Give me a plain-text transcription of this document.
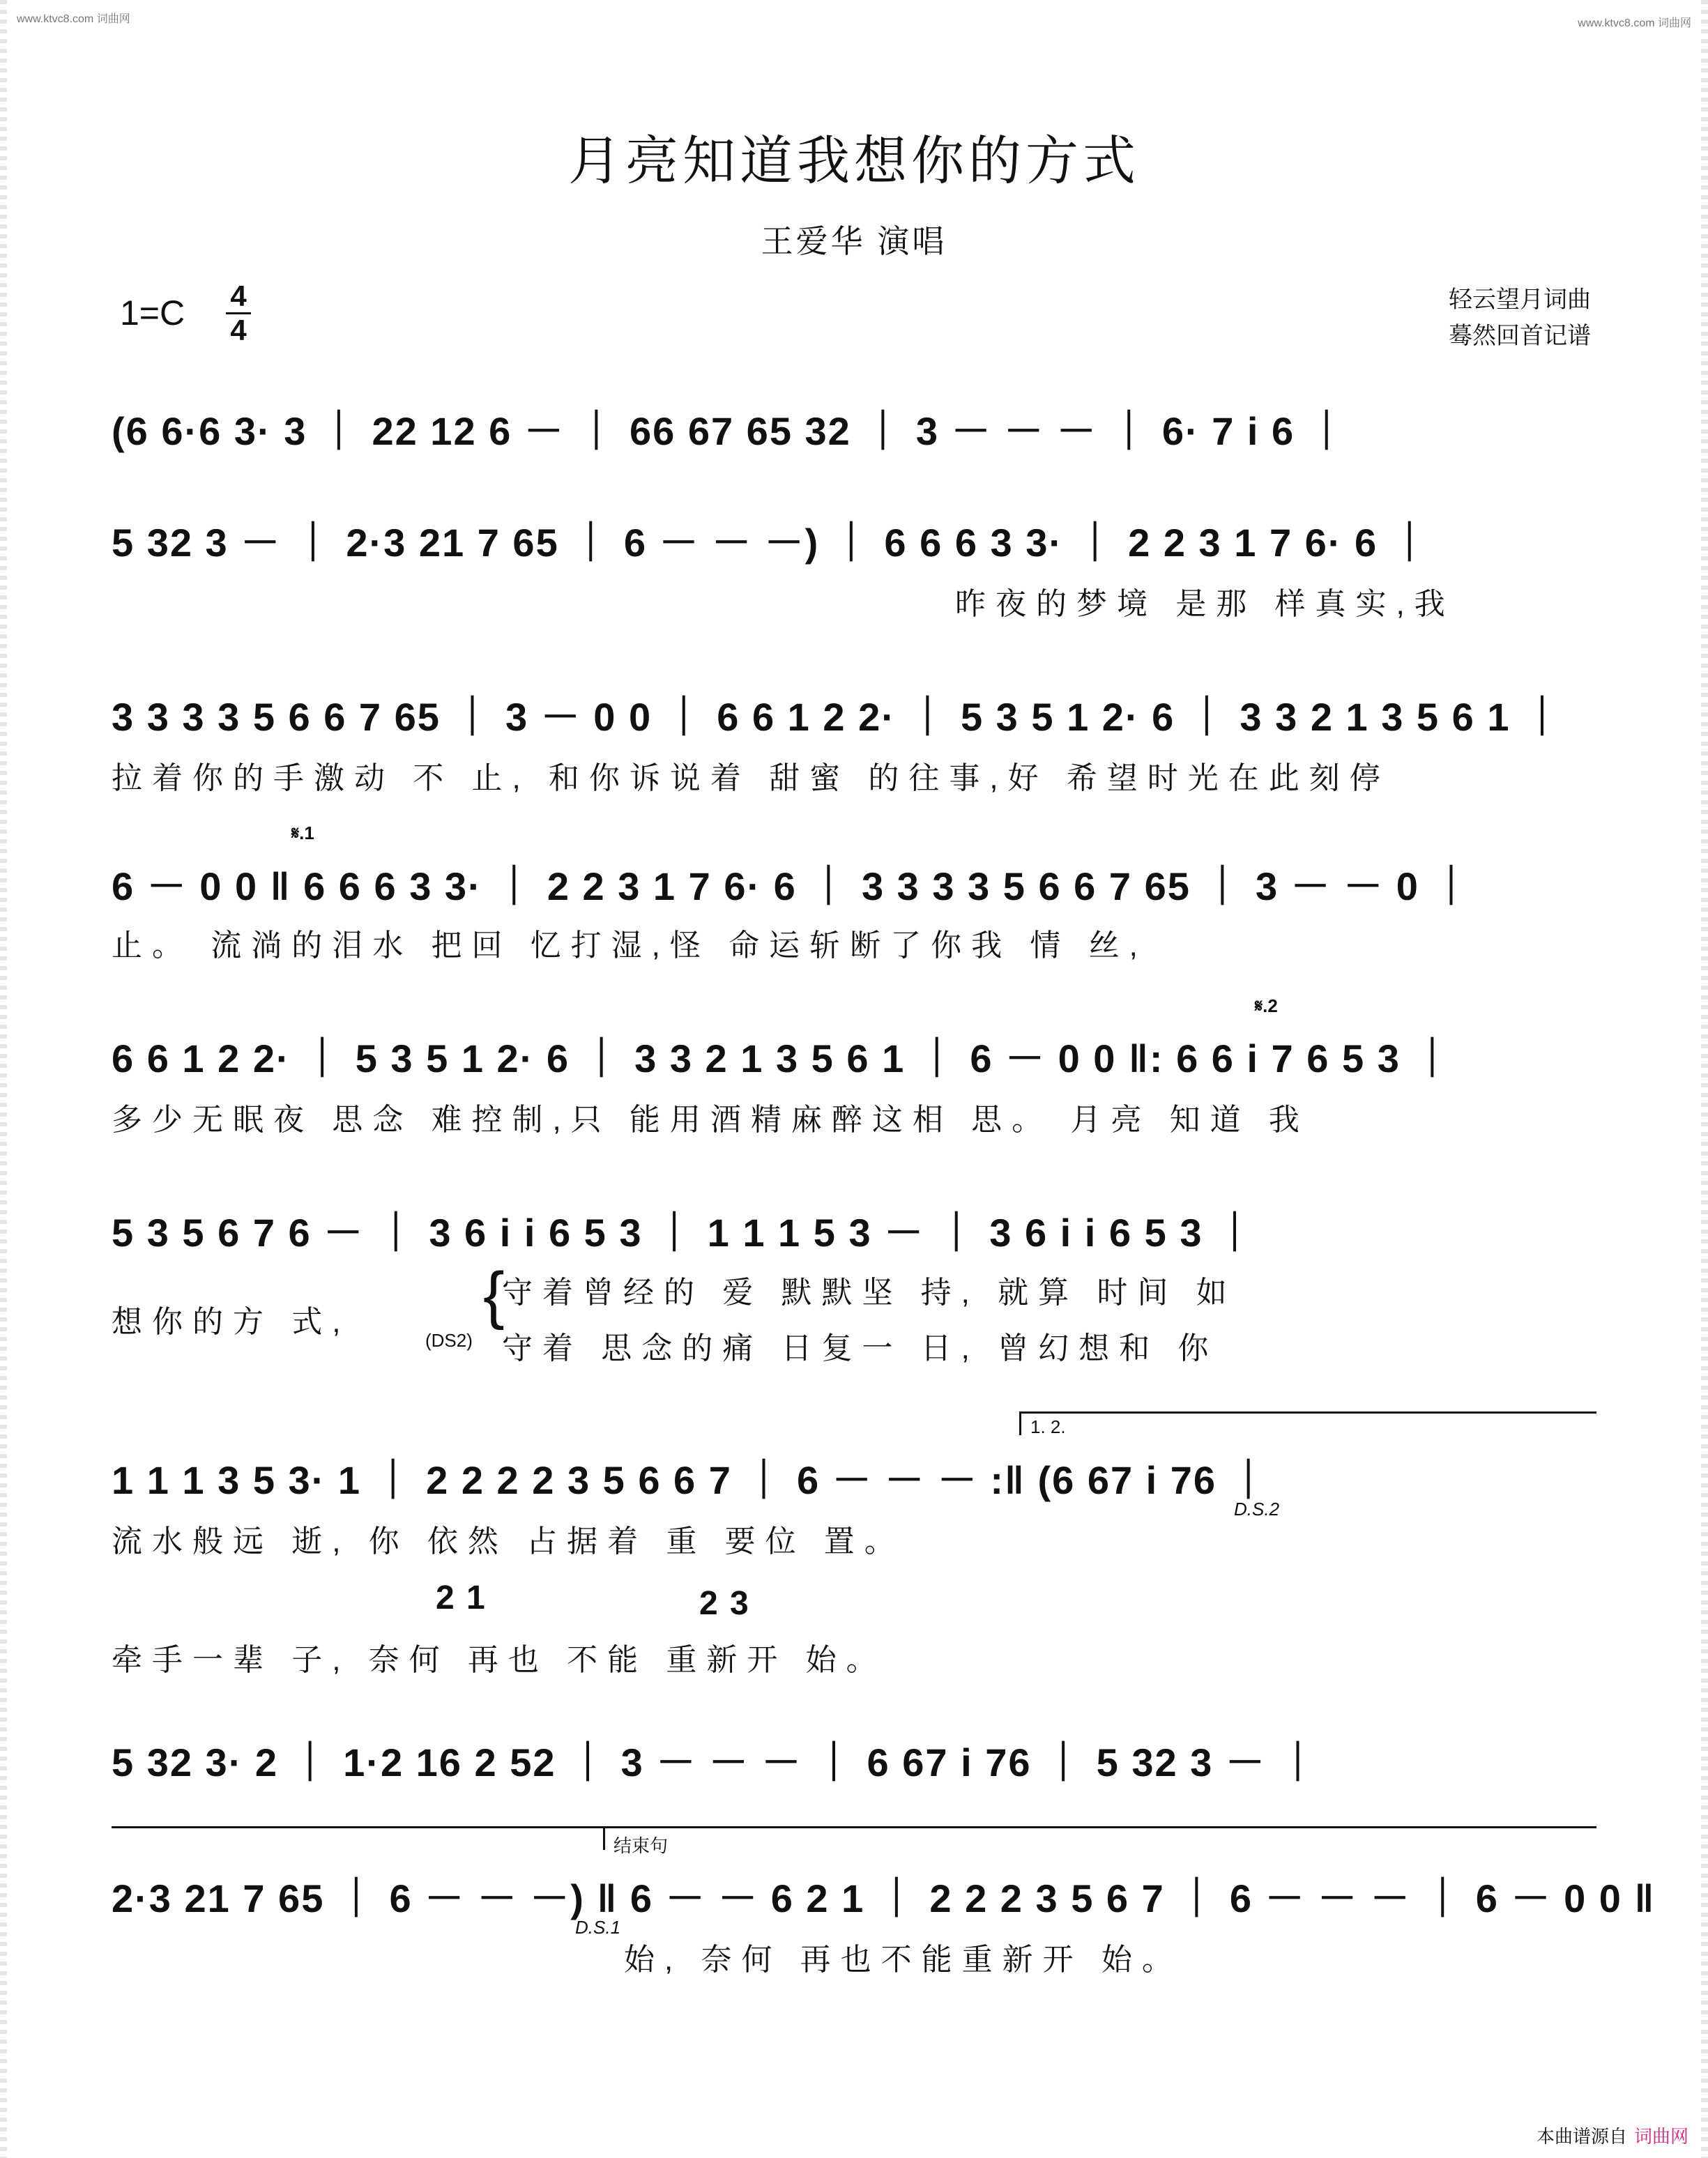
www.ktvc8.com 词曲网	www.ktvc8.com 词曲网
月亮知道我想你的方式
王爱华 演唱
1=C 4
4
轻云望月词曲
蓦然回首记谱
(6 6·6 3· 3 ｜ 22 12 6 － ｜ 66 67 65 32 ｜ 3 － － － ｜ 6· 7 i 6 ｜
5 32 3 － ｜ 2·3 21 7 65 ｜ 6 － － －) ｜ 6 6 6 3 3· ｜ 2 2 3 1 7 6· 6 ｜
昨夜的梦境 是那 样真实,我
3 3 3 3 5 6 6 7 65 ｜ 3 － 0 0 ｜ 6 6 1 2 2· ｜ 5 3 5 1 2· 6 ｜ 3 3 2 1 3 5 6 1 ｜
拉着你的手激动 不 止, 和你诉说着 甜蜜 的往事,好 希望时光在此刻停
𝄋.1
6 － 0 0 ‖ 6 6 6 3 3· ｜ 2 2 3 1 7 6· 6 ｜ 3 3 3 3 5 6 6 7 65 ｜ 3 － － 0 ｜
止。 流淌的泪水 把回 忆打湿,怪 命运斩断了你我 情 丝,
𝄋.2
6 6 1 2 2· ｜ 5 3 5 1 2· 6 ｜ 3 3 2 1 3 5 6 1 ｜ 6 － 0 0 ‖: 6 6 i 7 6 5 3 ｜
多少无眠夜 思念 难控制,只 能用酒精麻醉这相 思。 月亮 知道 我
5 3 5 6 7 6 － ｜ 3 6 i i 6 5 3 ｜ 1 1 1 5 3 － ｜ 3 6 i i 6 5 3 ｜
想你的方 式,
守着曾经的 爱 默默坚 持, 就算 时间 如
(DS2) 守着 思念的痛 日复一 日, 曾幻想和 你
{
1. 2.
1 1 1 3 5 3· 1 ｜ 2 2 2 2 3 5 6 6 7 ｜ 6 － － － :‖ (6 67 i 76 ｜
D.S.2
流水般远 逝, 你 依然 占据着 重 要位 置。
2 1	2 3
牵手一辈 子, 奈何 再也 不能 重新开 始。
5 32 3· 2 ｜ 1·2 16 2 52 ｜ 3 － － － ｜ 6 67 i 76 ｜ 5 32 3 － ｜
结束句
2·3 21 7 65 ｜ 6 － － －) ‖ 6 － － 6 2 1 ｜ 2 2 2 3 5 6 7 ｜ 6 － － － ｜ 6 － 0 0 ‖
D.S.1
始, 奈何 再也不能重新开 始。
本曲谱源自 词曲网
